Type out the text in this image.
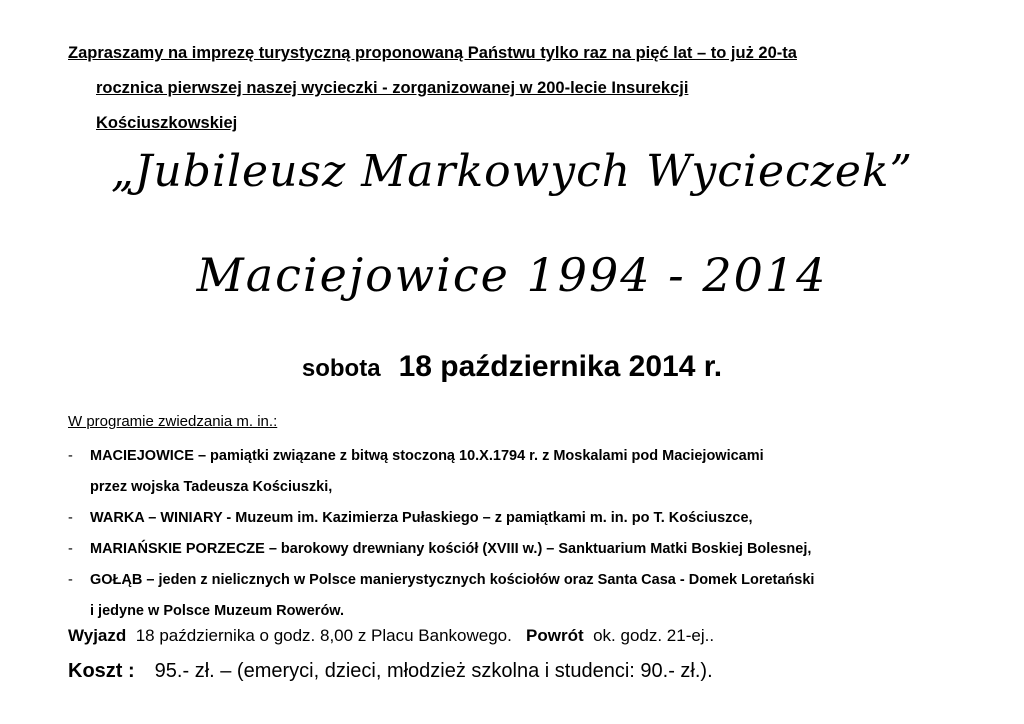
Zapraszamy na imprezę turystyczną proponowaną Państwu tylko raz na pięć lat – to już 20-ta
rocznica pierwszej naszej wycieczki - zorganizowanej w 200-lecie Insurekcji
Kościuszkowskiej
„Jubileusz Markowych Wycieczek”
Maciejowice 1994 - 2014
sobota 18 października 2014 r.
W programie zwiedzania m. in.:
-	MACIEJOWICE – pamiątki związane z bitwą stoczoną 10.X.1794 r. z Moskalami pod Maciejowicami
przez wojska Tadeusza Kościuszki,
-	WARKA – WINIARY - Muzeum im. Kazimierza Pułaskiego – z pamiątkami m. in. po T. Kościuszce,
-	MARIAŃSKIE PORZECZE – barokowy drewniany kościół (XVIII w.) – Sanktuarium Matki Boskiej Bolesnej,
-	GOŁĄB – jeden z nielicznych w Polsce manierystycznych kościołów oraz Santa Casa - Domek Loretański
i jedyne w Polsce Muzeum Rowerów.
Wyjazd 18 października o godz. 8,00 z Placu Bankowego. Powrót ok. godz. 21-ej..
Koszt : 95.- zł. – (emeryci, dzieci, młodzież szkolna i studenci: 90.- zł.).
